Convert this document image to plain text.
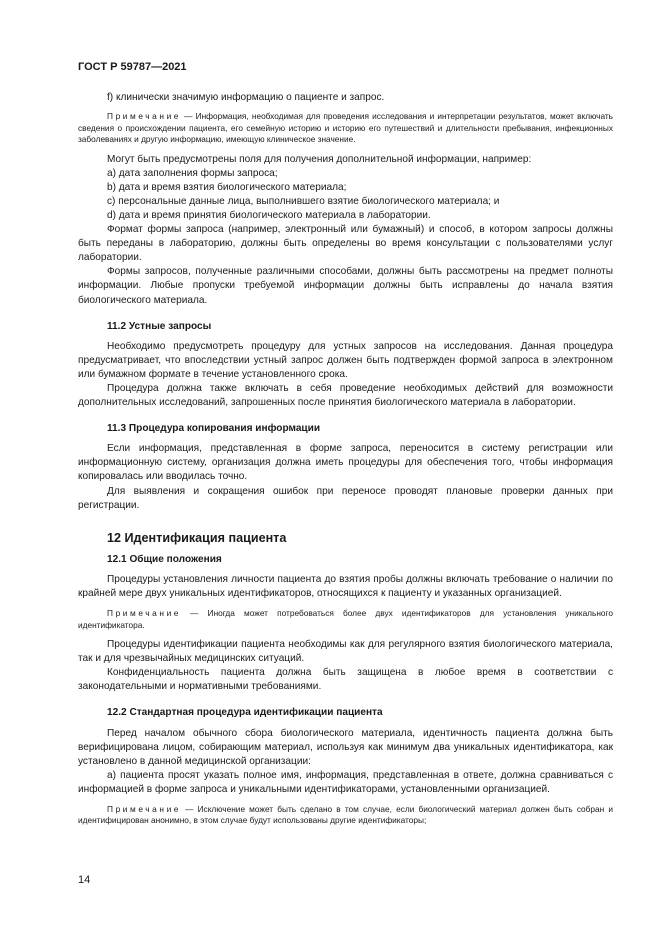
ГОСТ Р 59787—2021

f) клинически значимую информацию о пациенте и запрос.

Примечание — Информация, необходимая для проведения исследования и интерпретации результатов, может включать сведения о происхождении пациента, его семейную историю и историю его путешествий и длительности пребывания, инфекционных заболеваниях и другую информацию, имеющую клиническое значение.

Могут быть предусмотрены поля для получения дополнительной информации, например:

a) дата заполнения формы запроса;

b) дата и время взятия биологического материала;

c) персональные данные лица, выполнившего взятие биологического материала; и

d) дата и время принятия биологического материала в лаборатории.

Формат формы запроса (например, электронный или бумажный) и способ, в котором запросы должны быть переданы в лабораторию, должны быть определены во время консультации с пользователями услуг лаборатории.

Формы запросов, полученные различными способами, должны быть рассмотрены на предмет полноты информации. Любые пропуски требуемой информации должны быть исправлены до начала взятия биологического материала.

11.2 Устные запросы

Необходимо предусмотреть процедуру для устных запросов на исследования. Данная процедура предусматривает, что впоследствии устный запрос должен быть подтвержден формой запроса в электронном или бумажном формате в течение установленного срока.

Процедура должна также включать в себя проведение необходимых действий для возможности дополнительных исследований, запрошенных после принятия биологического материала в лаборатории.

11.3 Процедура копирования информации

Если информация, представленная в форме запроса, переносится в систему регистрации или информационную систему, организация должна иметь процедуры для обеспечения того, чтобы информация копировалась или вводилась точно.

Для выявления и сокращения ошибок при переносе проводят плановые проверки данных при регистрации.

12 Идентификация пациента

12.1 Общие положения

Процедуры установления личности пациента до взятия пробы должны включать требование о наличии по крайней мере двух уникальных идентификаторов, относящихся к пациенту и указанных организацией.

Примечание — Иногда может потребоваться более двух идентификаторов для установления уникального идентификатора.

Процедуры идентификации пациента необходимы как для регулярного взятия биологического материала, так и для чрезвычайных медицинских ситуаций.

Конфиденциальность пациента должна быть защищена в любое время в соответствии с законодательными и нормативными требованиями.

12.2 Стандартная процедура идентификации пациента

Перед началом обычного сбора биологического материала, идентичность пациента должна быть верифицирована лицом, собирающим материал, используя как минимум два уникальных идентификатора, как установлено в данной медицинской организации:

a) пациента просят указать полное имя, информация, представленная в ответе, должна сравниваться с информацией в форме запроса и уникальными идентификаторами, установленными организацией.

Примечание — Исключение может быть сделано в том случае, если биологический материал должен быть собран и идентифицирован анонимно, в этом случае будут использованы другие идентификаторы;

14
